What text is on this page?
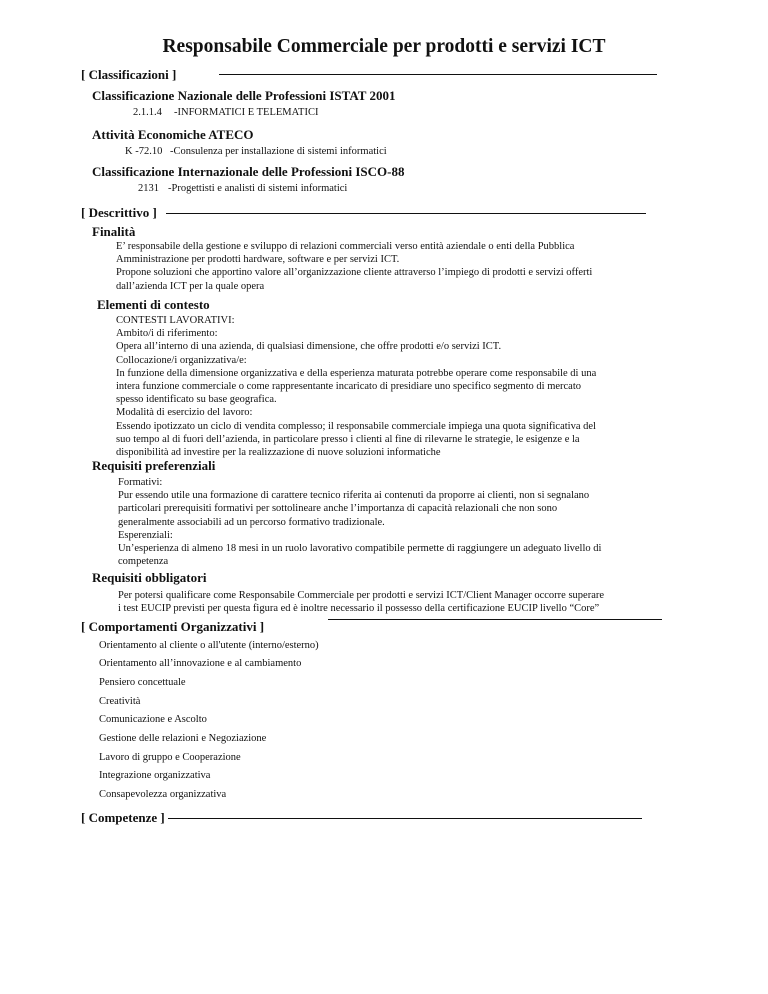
Responsabile Commerciale per prodotti e servizi ICT
[ Classificazioni ]
Classificazione Nazionale delle Professioni ISTAT 2001
2.1.1.4 -INFORMATICI E TELEMATICI
Attività Economiche ATECO
K -72.10 -Consulenza per installazione di sistemi informatici
Classificazione Internazionale delle Professioni ISCO-88
2131 -Progettisti e analisti di sistemi informatici
[ Descrittivo ]
Finalità
E’ responsabile della gestione e sviluppo di relazioni commerciali verso entità aziendale o enti della Pubblica
Amministrazione per prodotti hardware, software e per servizi ICT.
Propone soluzioni che apportino valore all’organizzazione cliente attraverso l’impiego di prodotti e servizi offerti
dall’azienda ICT per la quale opera
Elementi di contesto
CONTESTI LAVORATIVI:
Ambito/i di riferimento:
Opera all’interno di una azienda, di qualsiasi dimensione, che offre prodotti e/o servizi ICT.
Collocazione/i organizzativa/e:
In funzione della dimensione organizzativa e della esperienza maturata potrebbe operare come responsabile di una
intera funzione commerciale o come rappresentante incaricato di presidiare uno specifico segmento di mercato
spesso identificato su base geografica.
Modalità di esercizio del lavoro:
Essendo ipotizzato un ciclo di vendita complesso; il responsabile commerciale impiega una quota significativa del
suo tempo al di fuori dell’azienda, in particolare presso i clienti al fine di rilevarne le strategie, le esigenze e la
disponibilità ad investire per la realizzazione di nuove soluzioni informatiche
Requisiti preferenziali
Formativi:
Pur essendo utile una formazione di carattere tecnico riferita ai contenuti da proporre ai clienti, non si segnalano
particolari prerequisiti formativi per sottolineare anche l’importanza di capacità relazionali che non sono
generalmente associabili ad un percorso formativo tradizionale.
Esperenziali:
Un’esperienza di almeno 18 mesi in un ruolo lavorativo compatibile permette di raggiungere un adeguato livello di
competenza
Requisiti obbligatori
Per potersi qualificare come Responsabile Commerciale per prodotti e servizi ICT/Client Manager occorre superare
i test EUCIP previsti per questa figura ed è inoltre necessario il possesso della certificazione EUCIP livello “Core”
[ Comportamenti Organizzativi ]
Orientamento al cliente o all'utente (interno/esterno)
Orientamento all’innovazione e al cambiamento
Pensiero concettuale
Creatività
Comunicazione e Ascolto
Gestione delle relazioni e Negoziazione
Lavoro di gruppo e Cooperazione
Integrazione organizzativa
Consapevolezza organizzativa
[ Competenze ]
